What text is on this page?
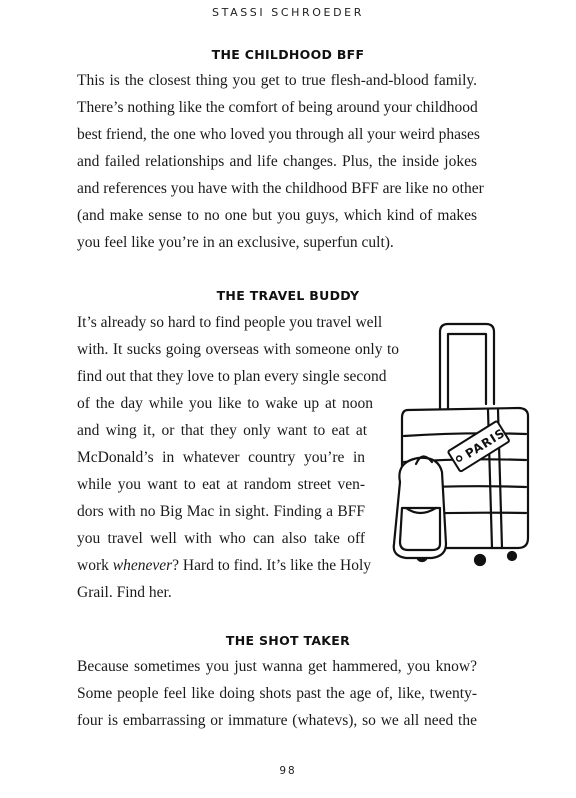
STASSI SCHROEDER
THE CHILDHOOD BFF
This is the closest thing you get to true flesh-and-blood family.
There’s nothing like the comfort of being around your childhood
best friend, the one who loved you through all your weird phases
and failed relationships and life changes. Plus, the inside jokes
and references you have with the childhood BFF are like no other
(and make sense to no one but you guys, which kind of makes
you feel like you’re in an exclusive, superfun cult).
THE TRAVEL BUDDY
It’s already so hard to find people you travel well
with. It sucks going overseas with someone only to
find out that they love to plan every single second
of the day while you like to wake up at noon
and wing it, or that they only want to eat at
McDonald’s in whatever country you’re in
while you want to eat at random street ven-
dors with no Big Mac in sight. Finding a BFF
you travel well with who can also take off
work whenever? Hard to find. It’s like the Holy
Grail. Find her.
PARIS
THE SHOT TAKER
Because sometimes you just wanna get hammered, you know?
Some people feel like doing shots past the age of, like, twenty-
four is embarrassing or immature (whatevs), so we all need the
98
